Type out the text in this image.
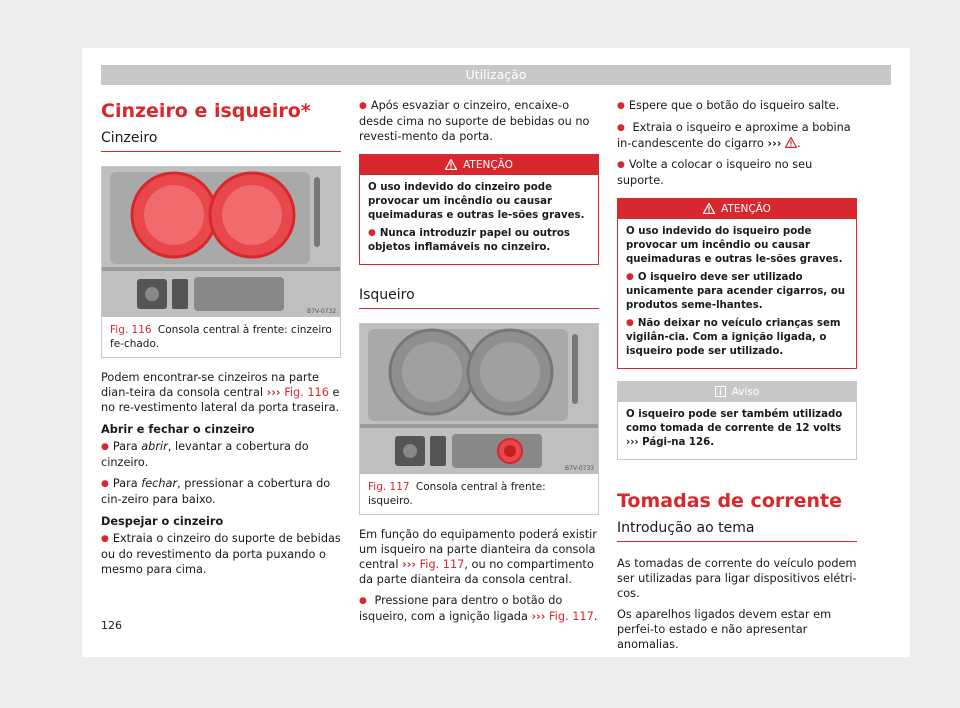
Utilização
Cinzeiro e isqueiro*
Cinzeiro
B7V-0732
Fig. 116 Consola central à frente: cinzeiro fe-chado.

Podem encontrar-se cinzeiros na parte dian-teira da consola central ››› Fig. 116 e no re-vestimento lateral da porta traseira.

Abrir e fechar o cinzeiro

● Para abrir, levantar a cobertura do cinzeiro.

● Para fechar, pressionar a cobertura do cin-zeiro para baixo.

Despejar o cinzeiro

● Extraia o cinzeiro do suporte de bebidas ou do revestimento da porta puxando o mesmo para cima.

● Após esvaziar o cinzeiro, encaixe-o desde cima no suporte de bebidas ou no revesti-mento da porta.

ATENÇÃO

O uso indevido do cinzeiro pode provocar um incêndio ou causar queimaduras e outras le-sões graves.

● Nunca introduzir papel ou outros objetos inflamáveis no cinzeiro.

Isqueiro
B7V-0733
Fig. 117 Consola central à frente: isqueiro.

Em função do equipamento poderá existir um isqueiro na parte dianteira da consola central ››› Fig. 117, ou no compartimento da parte dianteira da consola central.

● Pressione para dentro o botão do isqueiro, com a ignição ligada ››› Fig. 117.

● Espere que o botão do isqueiro salte.

● Extraia o isqueiro e aproxime a bobina in-candescente do cigarro ››› .

● Volte a colocar o isqueiro no seu suporte.

ATENÇÃO

O uso indevido do isqueiro pode provocar um incêndio ou causar queimaduras e outras le-sões graves.

● O isqueiro deve ser utilizado unicamente para acender cigarros, ou produtos seme-lhantes.

● Não deixar no veículo crianças sem vigilân-cia. Com a ignição ligada, o isqueiro pode ser utilizado.

Aviso

O isqueiro pode ser também utilizado como tomada de corrente de 12 volts ››› Pági-na 126.

Tomadas de corrente
Introdução ao tema

As tomadas de corrente do veículo podem ser utilizadas para ligar dispositivos elétri-cos.

Os aparelhos ligados devem estar em perfei-to estado e não apresentar anomalias.

126
